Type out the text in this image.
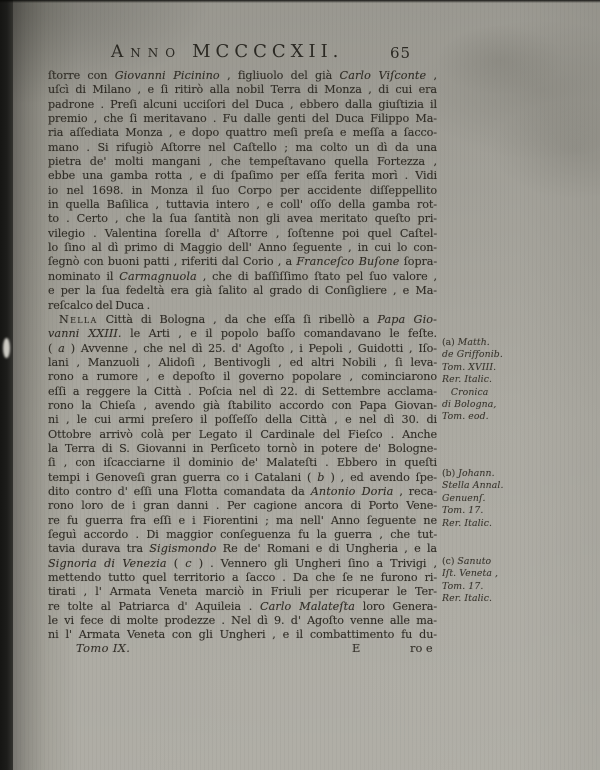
Anno MCCCCXII.	65
ſtorre con Giovanni Picinino , figliuolo del già Carlo Viſconte ,
uſcì di Milano , e ſi ritirò alla nobil Terra di Monza , di cui era
padrone . Preſi alcuni ucciſori del Duca , ebbero dalla giuſtizia il
premio , che ſi meritavano . Fu dalle genti del Duca Filippo Ma-
ria aſſediata Monza , e dopo quattro meſi preſa e meſſa a ſacco-
mano . Si rifugiò Aſtorre nel Caſtello ; ma colto un dì da una
pietra de' molti mangani , che tempeſtavano quella Fortezza ,
ebbe una gamba rotta , e di ſpaſimo per eſſa ferita morì . Vidi
io nel 1698. in Monza il ſuo Corpo per accidente diſſeppellito
in quella Baſilica , tuttavia intero , e coll' oſſo della gamba rot-
to . Certo , che la ſua ſantità non gli avea meritato queſto pri-
vilegio . Valentina ſorella d' Aſtorre , ſoſtenne poi quel Caſtel-
lo ſino al dì primo di Maggio dell' Anno ſeguente , in cui lo con-
ſegnò con buoni patti , riferiti dal Corio , a Franceſco Buſone ſopra-
nominato il Carmagnuola , che di baſſiſſimo ſtato pel ſuo valore ,
e per la ſua fedeltà era già ſalito al grado di Conſigliere , e Ma-
reſcalco del Duca .
Nella Città di Bologna , da che eſſa ſi ribellò a Papa Gio-
vanni XXIII. le Arti , e il popolo baſſo comandavano le feſte.
( a ) Avvenne , che nel dì 25. d' Agoſto , i Pepoli , Guidotti , Iſo-
lani , Manzuoli , Alidoſi , Bentivogli , ed altri Nobili , ſi leva-
rono a rumore , e depoſto il governo popolare , cominciarono
eſſi a reggere la Città . Poſcia nel dì 22. di Settembre acclama-
rono la Chieſa , avendo già ſtabilito accordo con Papa Giovan-
ni , le cui armi preſero il poſſeſſo della Città , e nel dì 30. di
Ottobre arrivò colà per Legato il Cardinale del Fieſco . Anche
la Terra di S. Giovanni in Perſiceto tornò in potere de' Bologne-
ſi , con iſcacciarne il dominio de' Malateſti . Ebbero in queſti
tempi i Genoveſi gran guerra co i Catalani ( b ) , ed avendo ſpe-
dito contro d' eſſi una Flotta comandata da Antonio Doria , reca-
rono loro de i gran danni . Per cagione ancora di Porto Vene-
re fu guerra fra eſſi e i Fiorentini ; ma nell' Anno ſeguente ne
ſeguì accordo . Di maggior conſeguenza fu la guerra , che tut-
tavia durava tra Sigismondo Re de' Romani e di Ungheria , e la
Signoria di Venezia ( c ) . Vennero gli Ungheri ſino a Trivigi ,
mettendo tutto quel territorio a ſacco . Da che ſe ne furono ri-
tirati , l' Armata Veneta marciò in Friuli per ricuperar le Ter-
re tolte al Patriarca d' Aquileia . Carlo Malateſta loro Genera-
le vi fece di molte prodezze . Nel dì 9. d' Agoſto venne alle ma-
ni l' Armata Veneta con gli Ungheri , e il combattimento fu du-
(a) Matth.
de Griffonib.
Tom. XVIII.
Rer. Italic.
Cronica
di Bologna,
Tom. eod.
(b) Johann.
Stella Annal.
Genuenſ.
Tom. 17.
Rer. Italic.
(c) Sanuto
Iſt. Veneta ,
Tom. 17.
Rer. Italic.
Tomo IX.	E	ro e
